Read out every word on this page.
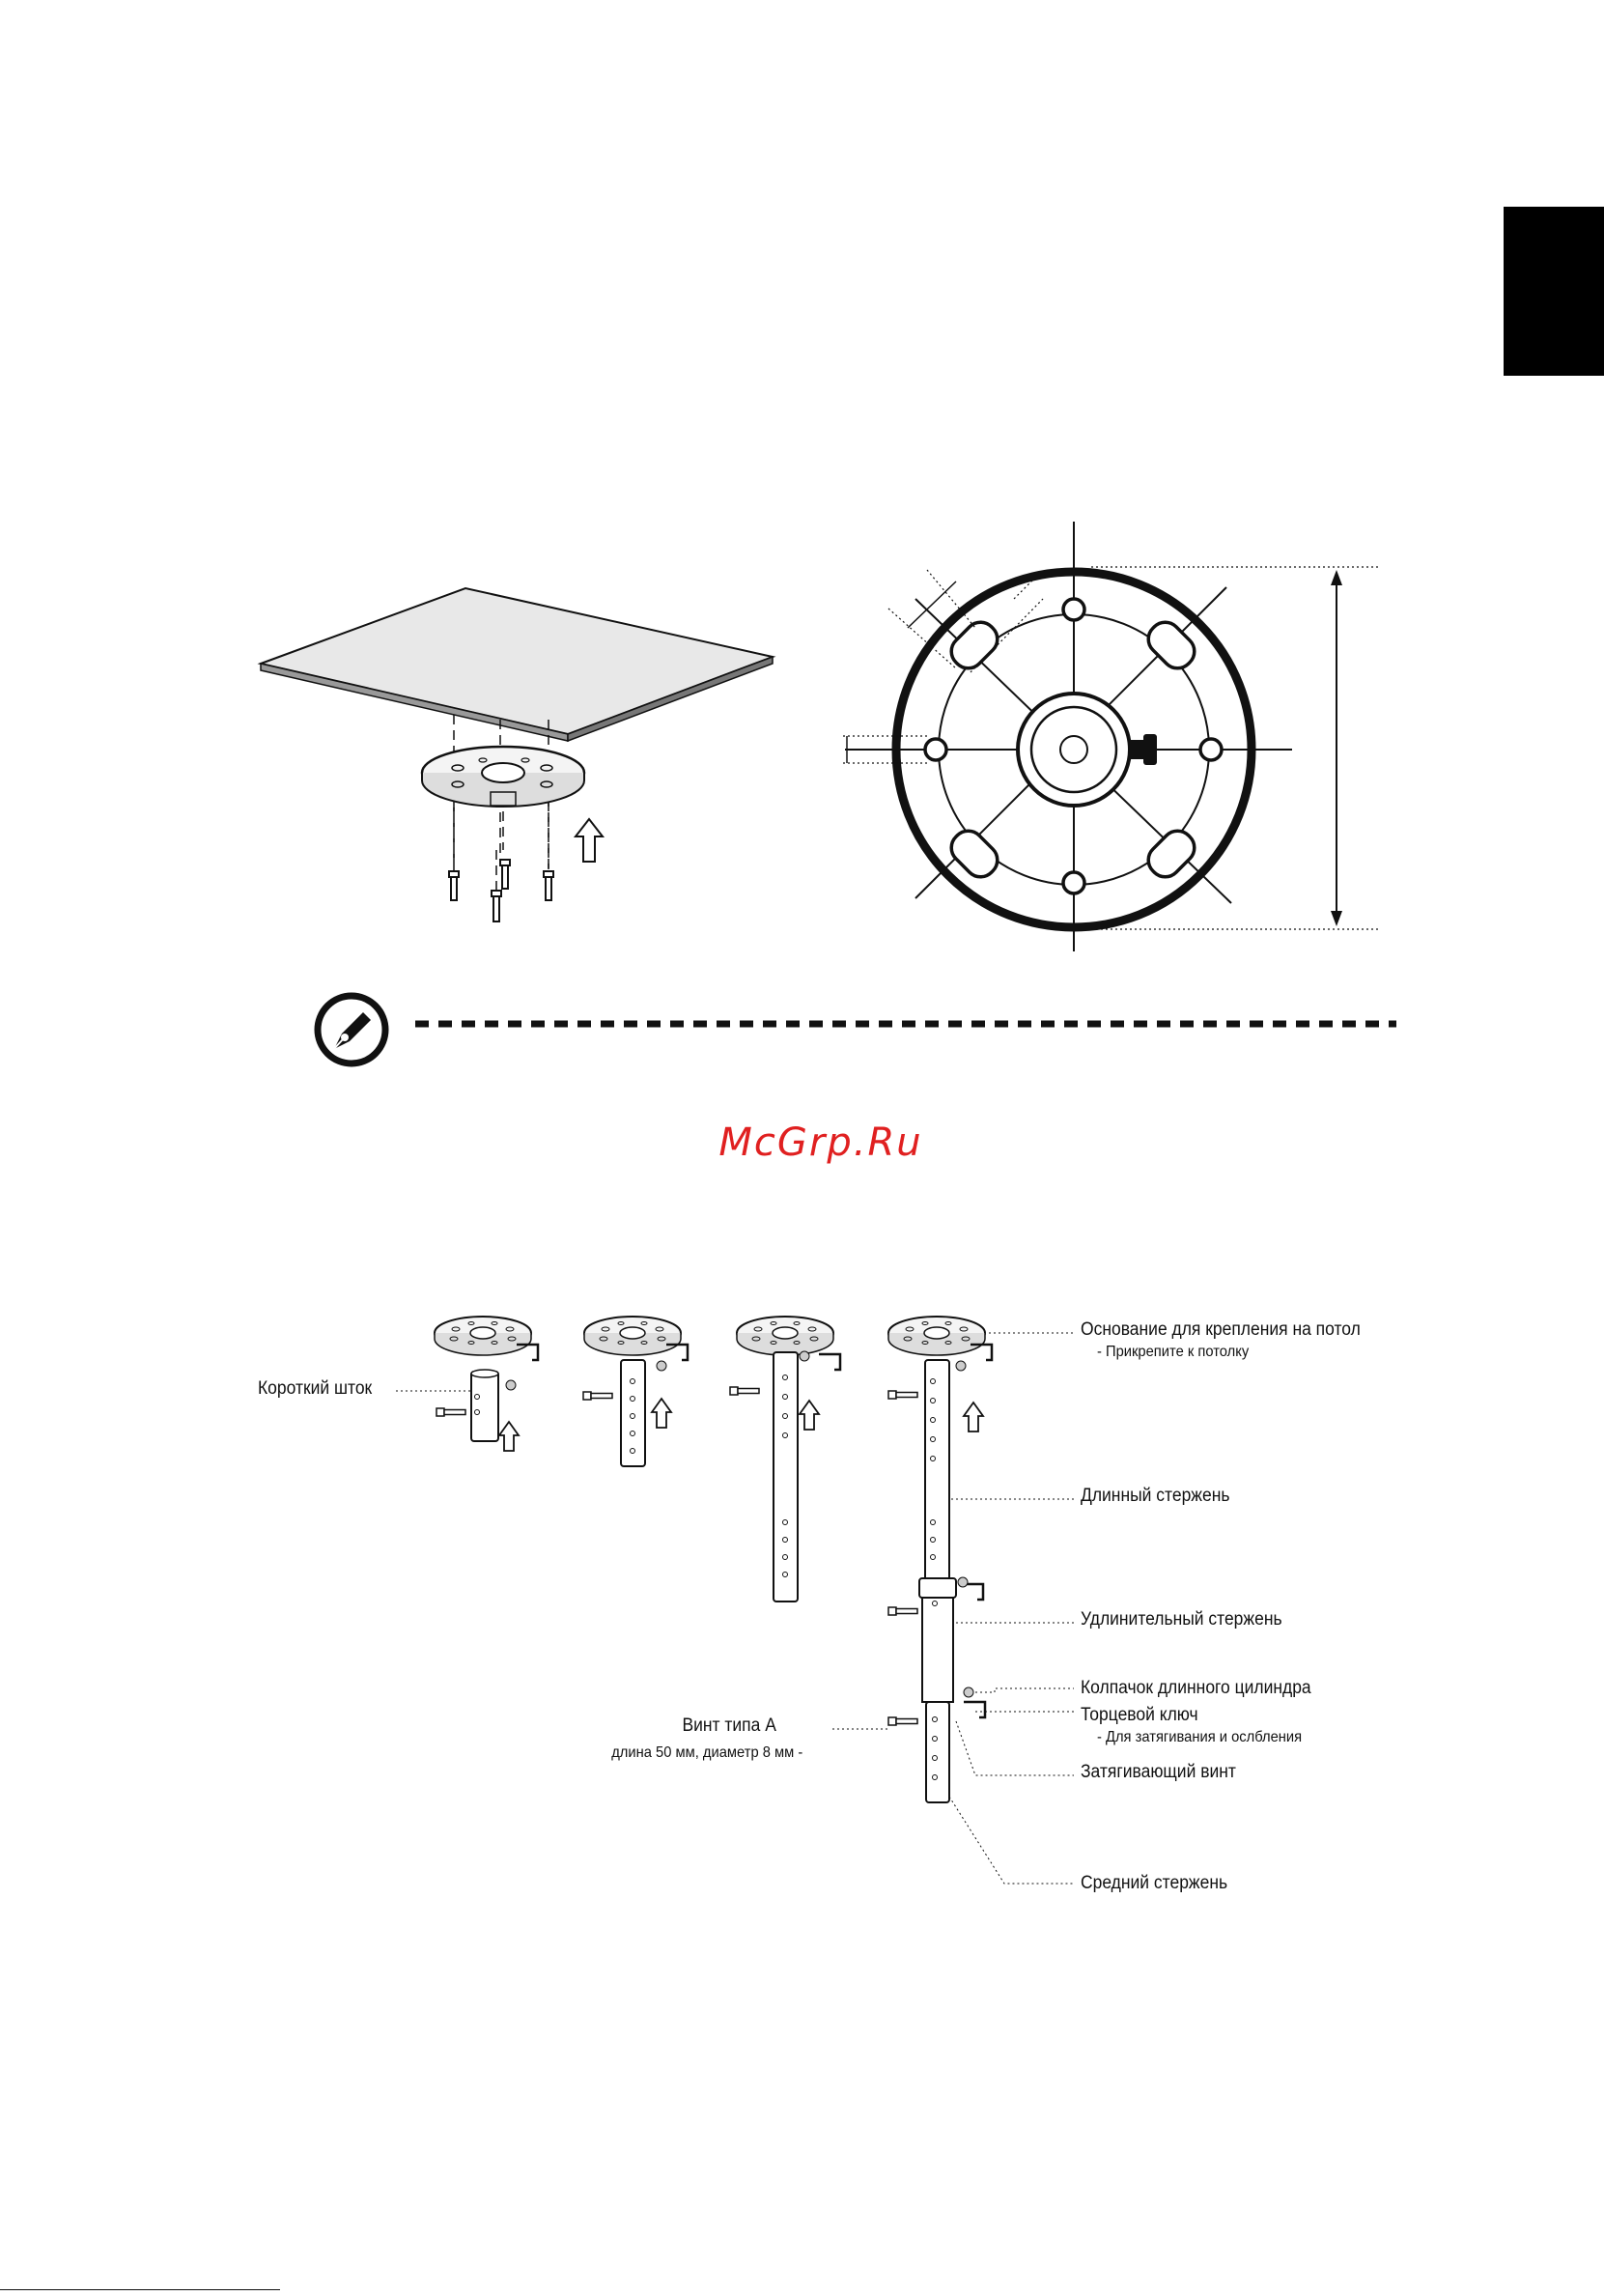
McGrp.Ru
Основание для крепления на потол
- Прикрепите к потолку
Короткий шток
Длинный стержень
Удлинительный стержень
Колпачок длинного цилиндра
Торцевой ключ
- Для затягивания и ослбления
Винт типа А
длина 50 мм, диаметр 8 мм -
Затягивающий винт
Средний стержень
